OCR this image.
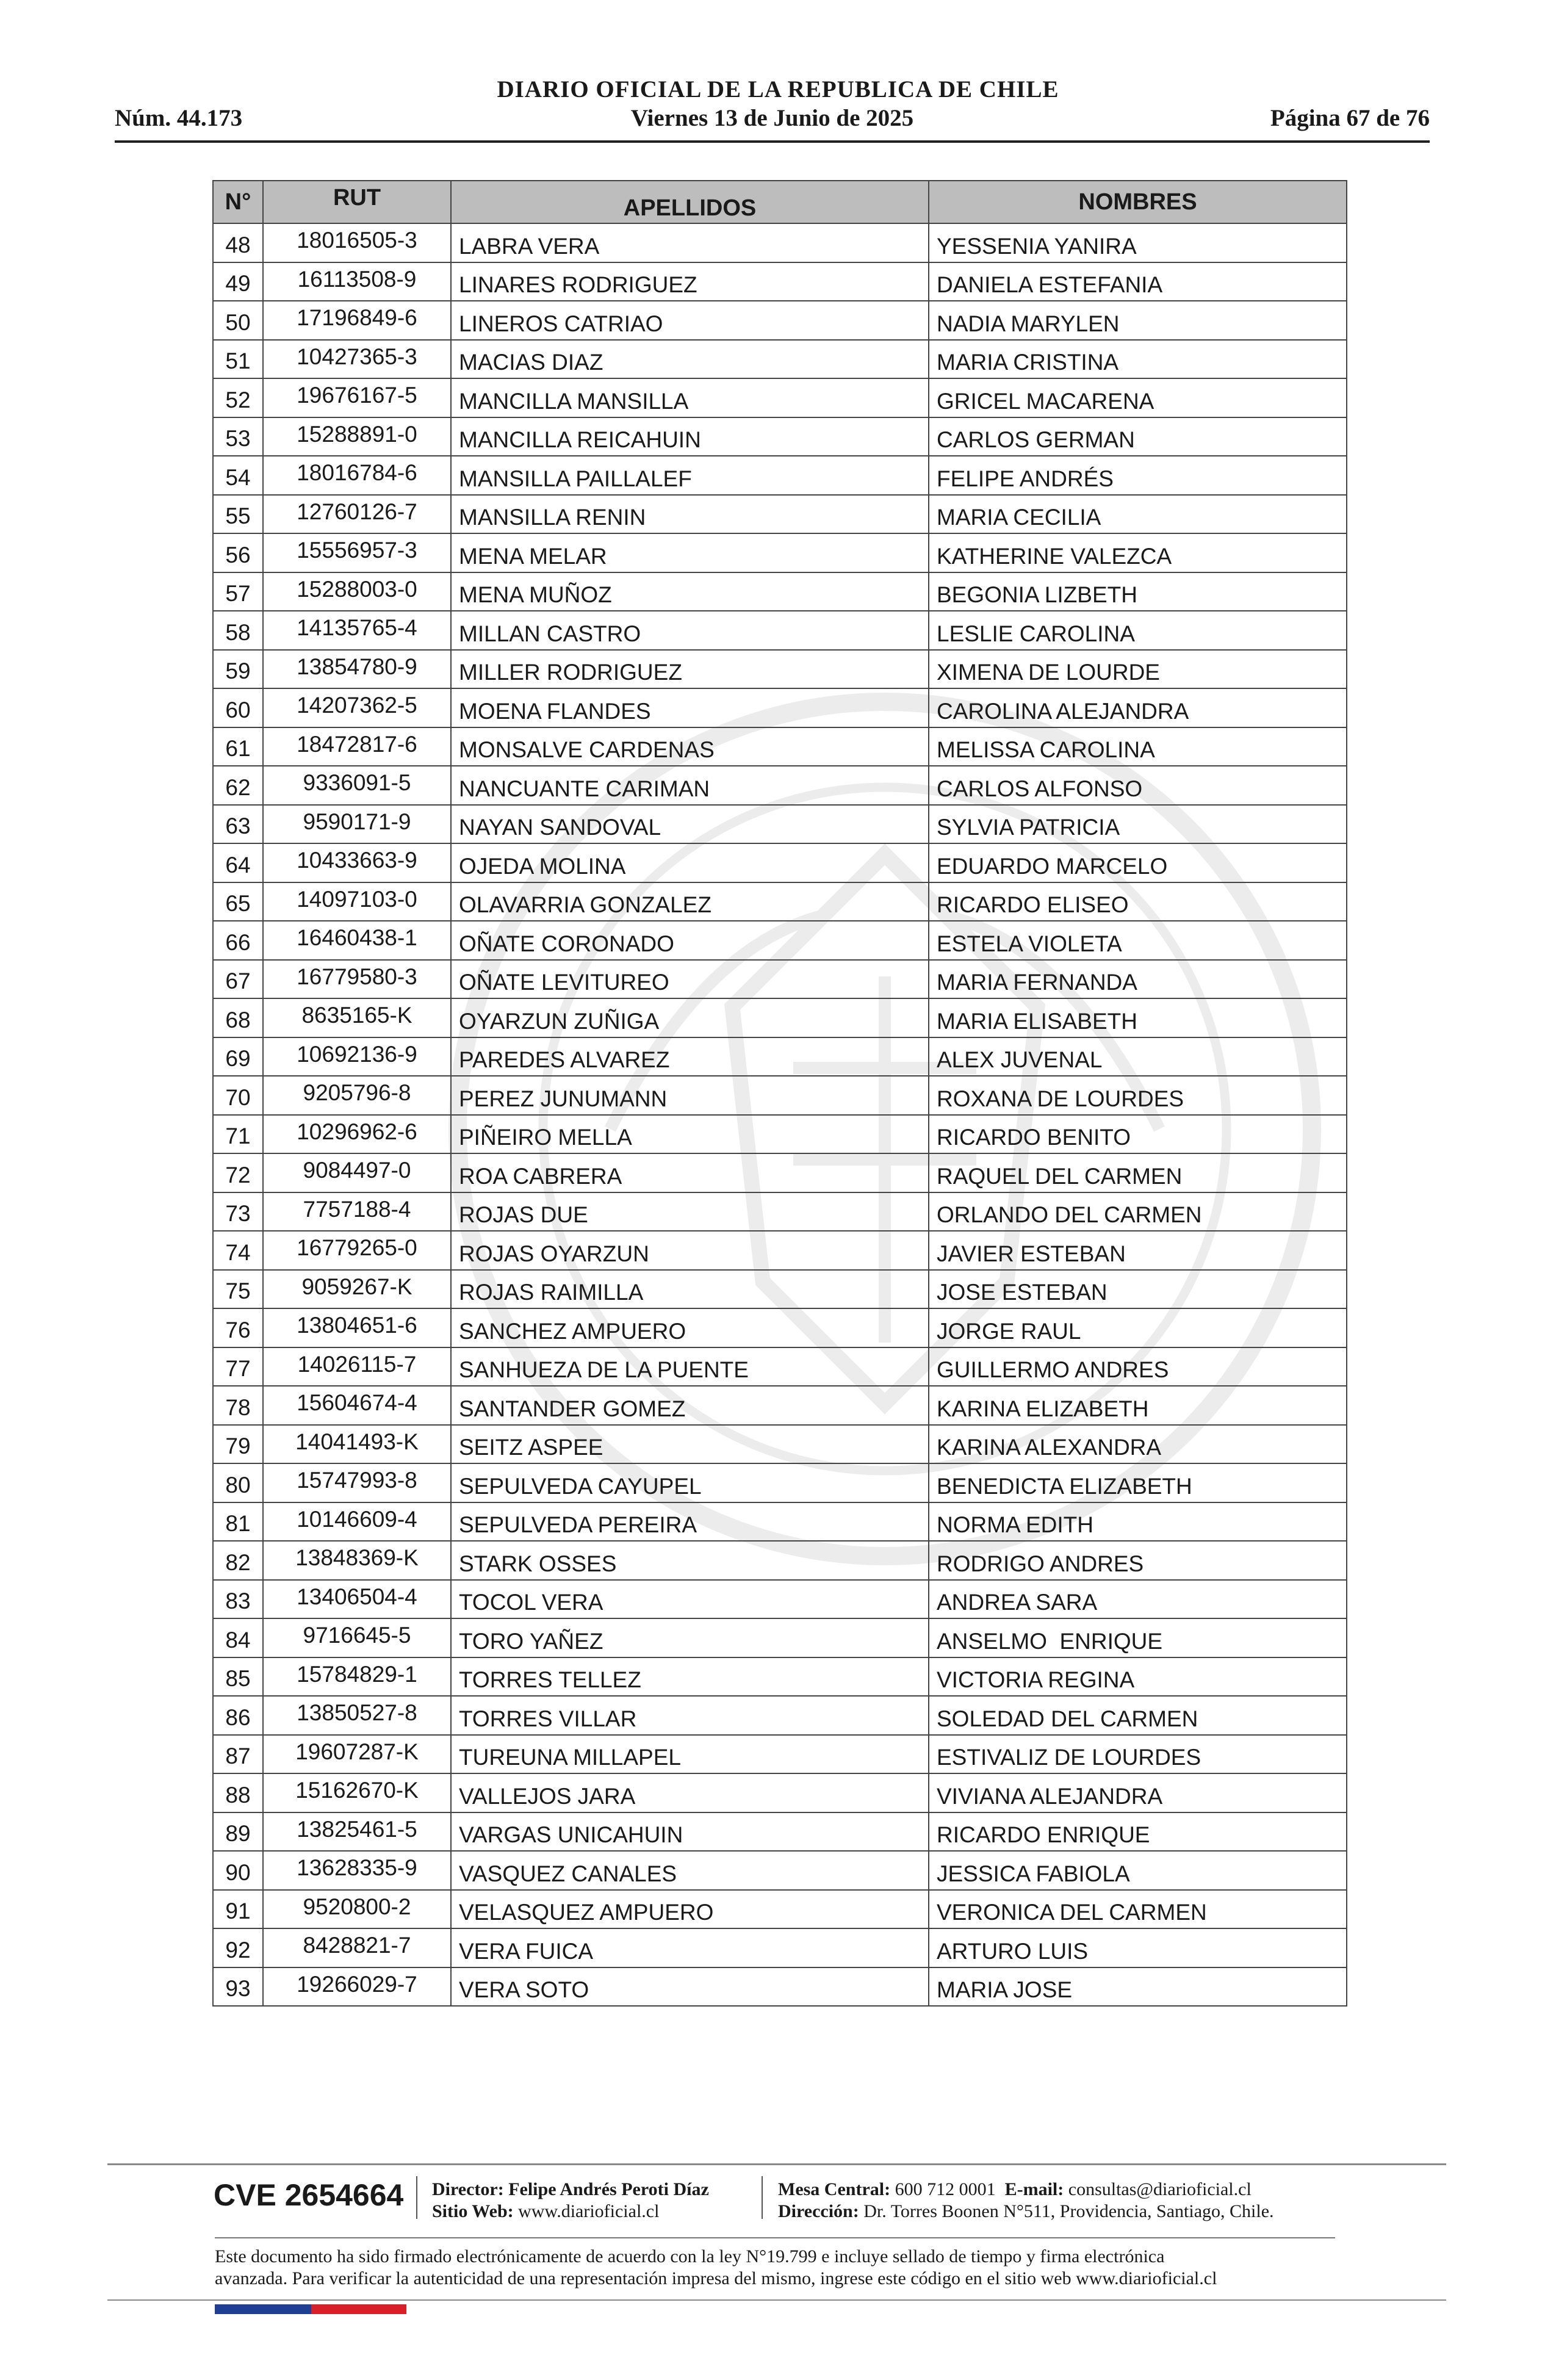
DIARIO OFICIAL DE LA REPUBLICA DE CHILE
Núm. 44.173	Viernes 13 de Junio de 2025	Página 67 de 76
N°	RUT	APELLIDOS	NOMBRES
48	18016505-3	LABRA VERA	YESSENIA YANIRA
49	16113508-9	LINARES RODRIGUEZ	DANIELA ESTEFANIA
50	17196849-6	LINEROS CATRIAO	NADIA MARYLEN
51	10427365-3	MACIAS DIAZ	MARIA CRISTINA
52	19676167-5	MANCILLA MANSILLA	GRICEL MACARENA
53	15288891-0	MANCILLA REICAHUIN	CARLOS GERMAN
54	18016784-6	MANSILLA PAILLALEF	FELIPE ANDRÉS
55	12760126-7	MANSILLA RENIN	MARIA CECILIA
56	15556957-3	MENA MELAR	KATHERINE VALEZCA
57	15288003-0	MENA MUÑOZ	BEGONIA LIZBETH
58	14135765-4	MILLAN CASTRO	LESLIE CAROLINA
59	13854780-9	MILLER RODRIGUEZ	XIMENA DE LOURDE
60	14207362-5	MOENA FLANDES	CAROLINA ALEJANDRA
61	18472817-6	MONSALVE CARDENAS	MELISSA CAROLINA
62	9336091-5	NANCUANTE CARIMAN	CARLOS ALFONSO
63	9590171-9	NAYAN SANDOVAL	SYLVIA PATRICIA
64	10433663-9	OJEDA MOLINA	EDUARDO MARCELO
65	14097103-0	OLAVARRIA GONZALEZ	RICARDO ELISEO
66	16460438-1	OÑATE CORONADO	ESTELA VIOLETA
67	16779580-3	OÑATE LEVITUREO	MARIA FERNANDA
68	8635165-K	OYARZUN ZUÑIGA	MARIA ELISABETH
69	10692136-9	PAREDES ALVAREZ	ALEX JUVENAL
70	9205796-8	PEREZ JUNUMANN	ROXANA DE LOURDES
71	10296962-6	PIÑEIRO MELLA	RICARDO BENITO
72	9084497-0	ROA CABRERA	RAQUEL DEL CARMEN
73	7757188-4	ROJAS DUE	ORLANDO DEL CARMEN
74	16779265-0	ROJAS OYARZUN	JAVIER ESTEBAN
75	9059267-K	ROJAS RAIMILLA	JOSE ESTEBAN
76	13804651-6	SANCHEZ AMPUERO	JORGE RAUL
77	14026115-7	SANHUEZA DE LA PUENTE	GUILLERMO ANDRES
78	15604674-4	SANTANDER GOMEZ	KARINA ELIZABETH
79	14041493-K	SEITZ ASPEE	KARINA ALEXANDRA
80	15747993-8	SEPULVEDA CAYUPEL	BENEDICTA ELIZABETH
81	10146609-4	SEPULVEDA PEREIRA	NORMA EDITH
82	13848369-K	STARK OSSES	RODRIGO ANDRES
83	13406504-4	TOCOL VERA	ANDREA SARA
84	9716645-5	TORO YAÑEZ	ANSELMO  ENRIQUE
85	15784829-1	TORRES TELLEZ	VICTORIA REGINA
86	13850527-8	TORRES VILLAR	SOLEDAD DEL CARMEN
87	19607287-K	TUREUNA MILLAPEL	ESTIVALIZ DE LOURDES
88	15162670-K	VALLEJOS JARA	VIVIANA ALEJANDRA
89	13825461-5	VARGAS UNICAHUIN	RICARDO ENRIQUE
90	13628335-9	VASQUEZ CANALES	JESSICA FABIOLA
91	9520800-2	VELASQUEZ AMPUERO	VERONICA DEL CARMEN
92	8428821-7	VERA FUICA	ARTURO LUIS
93	19266029-7	VERA SOTO	MARIA JOSE
CVE 2654664 Director: Felipe Andrés Peroti Díaz
Sitio Web: www.diarioficial.cl
Mesa Central: 600 712 0001 E-mail: consultas@diarioficial.cl
Dirección: Dr. Torres Boonen N°511, Providencia, Santiago, Chile.
Este documento ha sido firmado electrónicamente de acuerdo con la ley N°19.799 e incluye sellado de tiempo y firma electrónica
avanzada. Para verificar la autenticidad de una representación impresa del mismo, ingrese este código en el sitio web www.diarioficial.cl
